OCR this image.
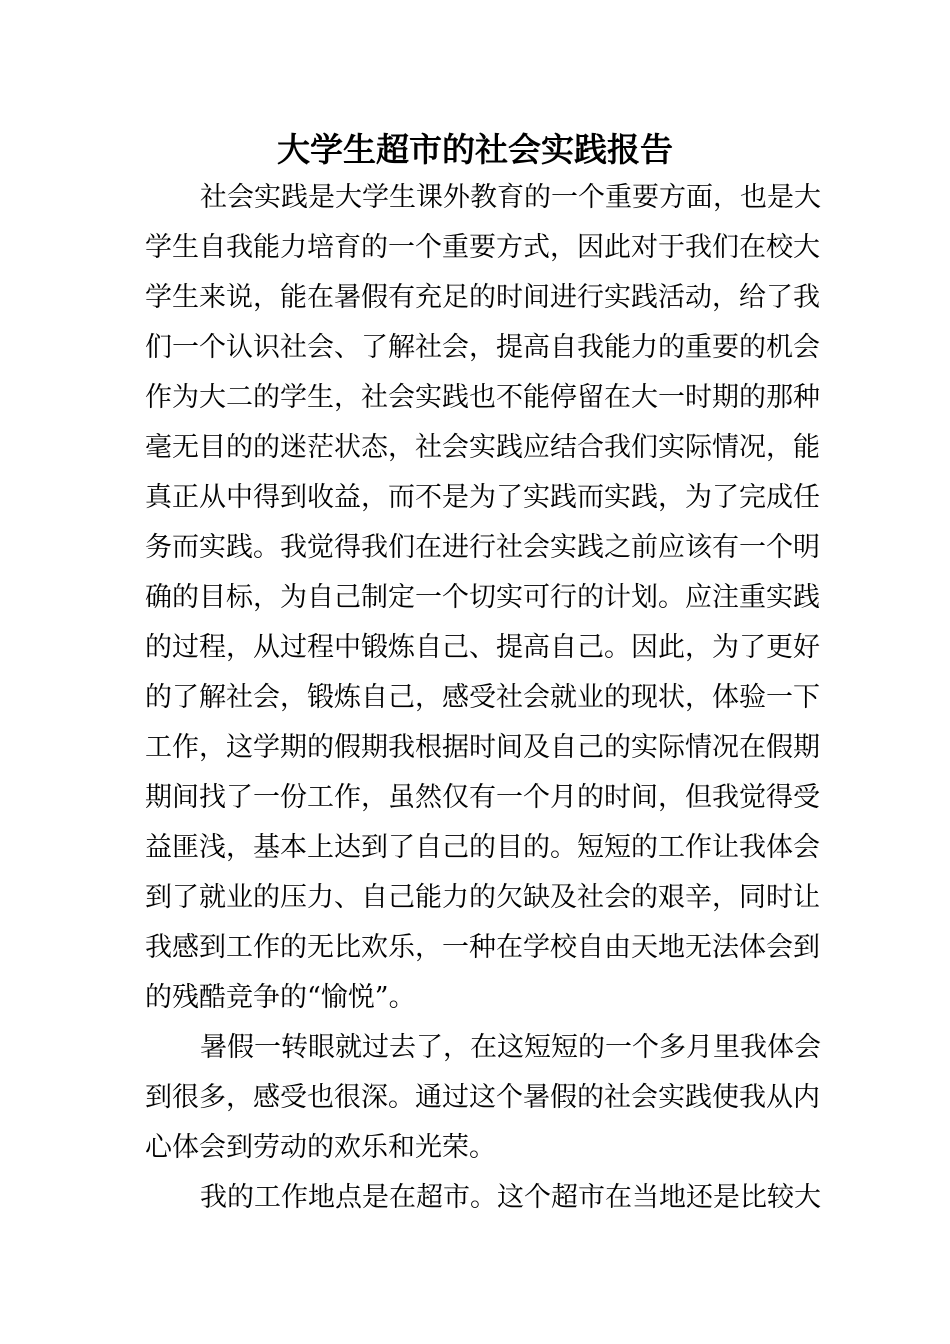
大学生超市的社会实践报告

社会实践是大学生课外教育的一个重要方面，也是大

学生自我能力培育的一个重要方式，因此对于我们在校大

学生来说，能在暑假有充足的时间进行实践活动，给了我

们一个认识社会、了解社会，提高自我能力的重要的机会

作为大二的学生，社会实践也不能停留在大一时期的那种

毫无目的的迷茫状态，社会实践应结合我们实际情况，能

真正从中得到收益，而不是为了实践而实践，为了完成任

务而实践。我觉得我们在进行社会实践之前应该有一个明

确的目标，为自己制定一个切实可行的计划。应注重实践

的过程，从过程中锻炼自己、提高自己。因此，为了更好

的了解社会，锻炼自己，感受社会就业的现状，体验一下

工作，这学期的假期我根据时间及自己的实际情况在假期

期间找了一份工作，虽然仅有一个月的时间，但我觉得受

益匪浅，基本上达到了自己的目的。短短的工作让我体会

到了就业的压力、自己能力的欠缺及社会的艰辛，同时让

我感到工作的无比欢乐，一种在学校自由天地无法体会到

的残酷竞争的“愉悦”。

暑假一转眼就过去了，在这短短的一个多月里我体会

到很多，感受也很深。通过这个暑假的社会实践使我从内

心体会到劳动的欢乐和光荣。

我的工作地点是在超市。这个超市在当地还是比较大
